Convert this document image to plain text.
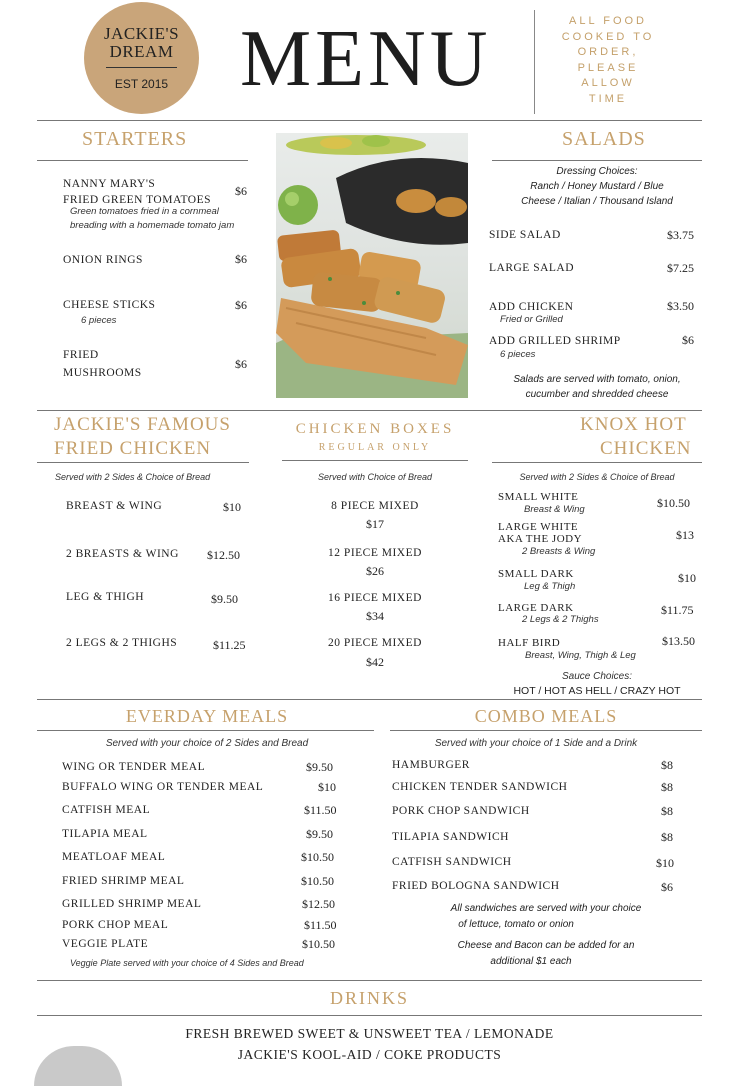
JACKIE'S
DREAM
EST 2015 MENU	ALL FOOD
COOKED TO
ORDER,
PLEASE
ALLOW
TIME
STARTERS
NANNY MARY'S
FRIED GREEN TOMATOES
$6
Green tomatoes fried in a cornmeal
breading with a homemade tomato jam
ONION RINGS	$6
CHEESE STICKS	$6
6 pieces
FRIED
MUSHROOMS
$6
SALADS
Dressing Choices:
Ranch / Honey Mustard / Blue
Cheese / Italian / Thousand Island
SIDE SALAD	$3.75
LARGE SALAD	$7.25
ADD CHICKEN
Fried or Grilled
$3.50
ADD GRILLED SHRIMP
6 pieces
$6
Salads are served with tomato, onion,
cucumber and shredded cheese
JACKIE'S FAMOUS
FRIED CHICKEN
Served with 2 Sides & Choice of Bread
BREAST & WING	$10
2 BREASTS & WING $12.50
LEG & THIGH	$9.50
2 LEGS & 2 THIGHS	$11.25
CHICKEN BOXES
REGULAR ONLY
Served with Choice of Bread
8 PIECE MIXED
$17
12 PIECE MIXED
$26
16 PIECE MIXED
$34
20 PIECE MIXED
$42
KNOX HOT
CHICKEN
Served with 2 Sides & Choice of Bread
SMALL WHITE
Breast & Wing	$10.50
LARGE WHITE
AKA THE JODY
2 Breasts & Wing
$13
SMALL DARK
Leg & Thigh
$10
LARGE DARK
2 Legs & 2 Thighs
$11.75
HALF BIRD
Breast, Wing, Thigh & Leg
$13.50
Sauce Choices:
HOT / HOT AS HELL / CRAZY HOT
EVERDAY MEALS
Served with your choice of 2 Sides and Bread
WING OR TENDER MEAL	$9.50
BUFFALO WING OR TENDER MEAL	$10
CATFISH MEAL	$11.50
TILAPIA MEAL	$9.50
MEATLOAF MEAL	$10.50
FRIED SHRIMP MEAL	$10.50
GRILLED SHRIMP MEAL	$12.50
PORK CHOP MEAL	$11.50
VEGGIE PLATE	$10.50
Veggie Plate served with your choice of 4 Sides and Bread
COMBO MEALS
Served with your choice of 1 Side and a Drink
HAMBURGER	$8
CHICKEN TENDER SANDWICH	$8
PORK CHOP SANDWICH	$8
TILAPIA SANDWICH	$8
CATFISH SANDWICH	$10
FRIED BOLOGNA SANDWICH	$6
All sandwiches are served with your choice
of lettuce, tomato or onion
Cheese and Bacon can be added for an
additional $1 each
DRINKS
FRESH BREWED SWEET & UNSWEET TEA / LEMONADE
JACKIE'S KOOL-AID / COKE PRODUCTS
